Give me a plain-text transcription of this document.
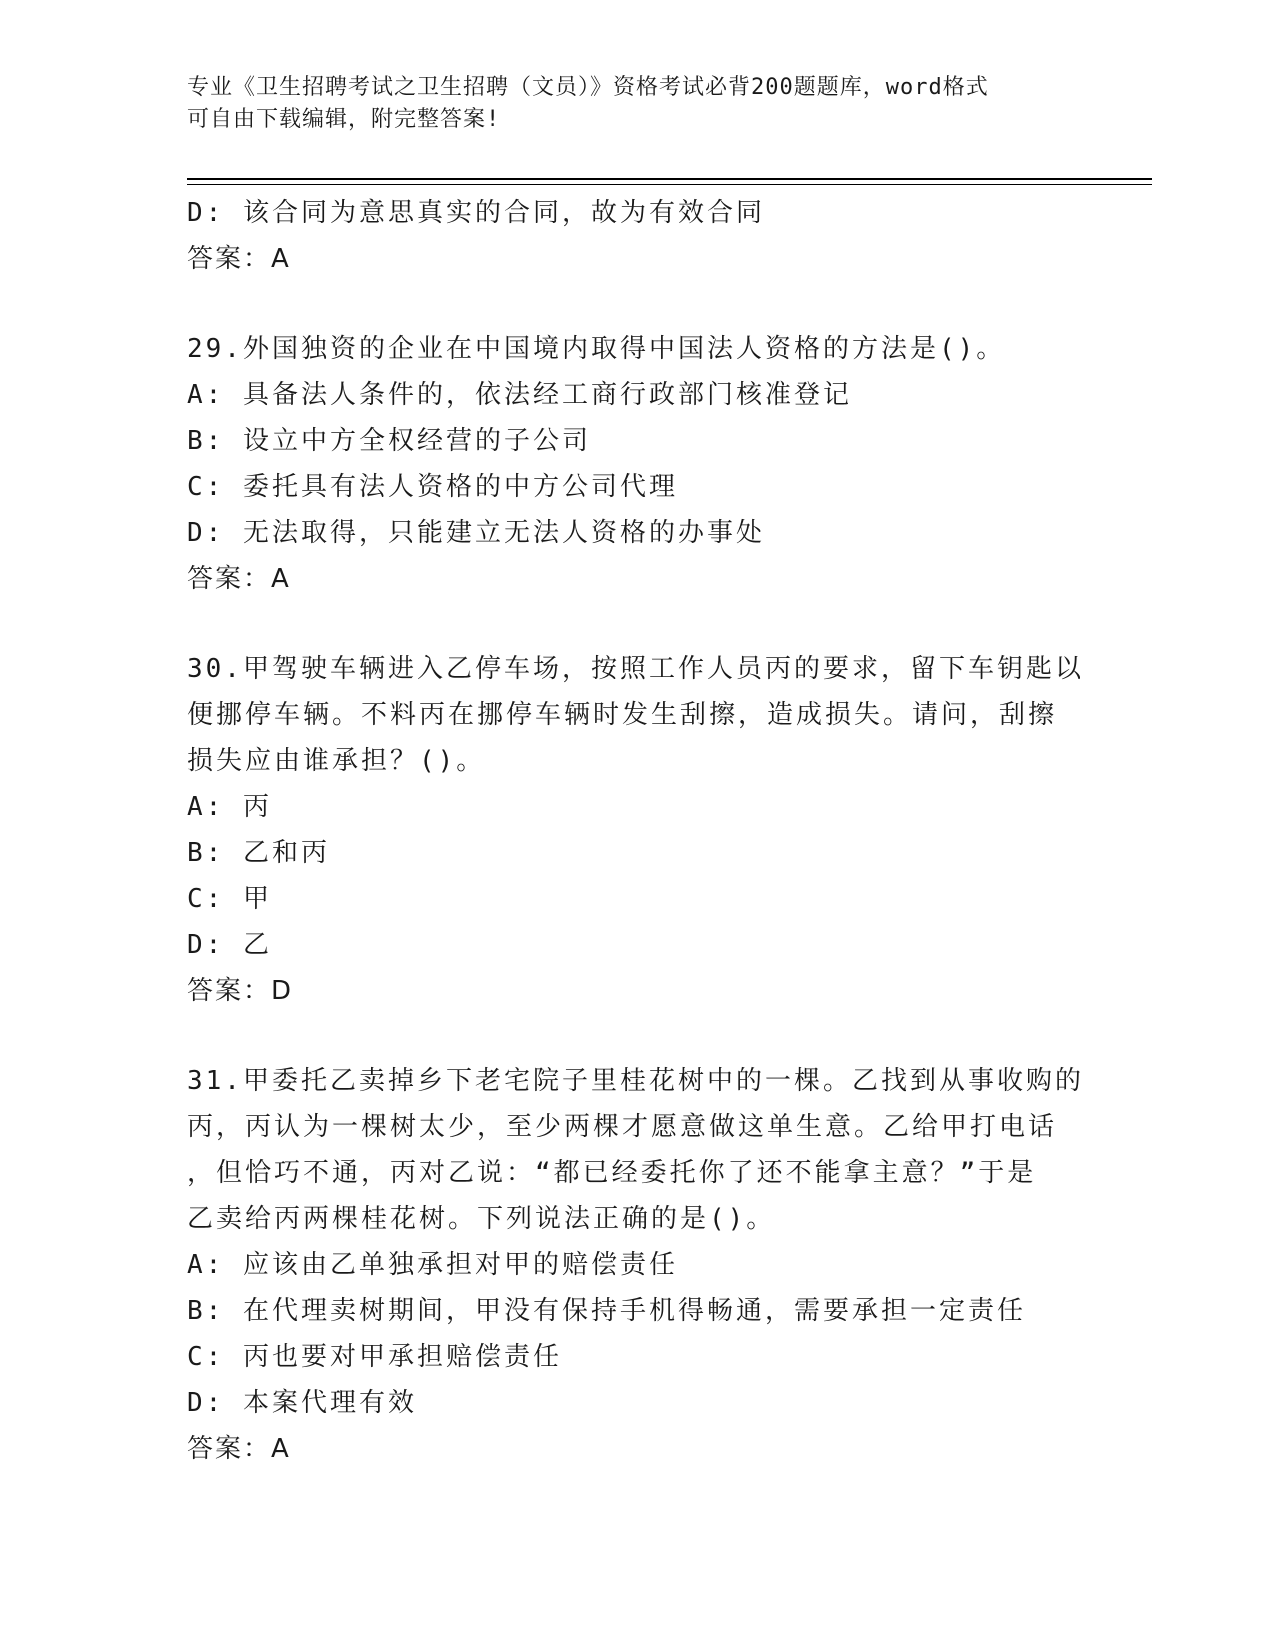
专业《卫生招聘考试之卫生招聘（文员）》资格考试必背200题题库，word格式
可自由下载编辑，附完整答案!

D: 该合同为意思真实的合同，故为有效合同

答案：A

29.外国独资的企业在中国境内取得中国法人资格的方法是()。

A: 具备法人条件的，依法经工商行政部门核准登记

B: 设立中方全权经营的子公司

C: 委托具有法人资格的中方公司代理

D: 无法取得，只能建立无法人资格的办事处

答案：A

30.甲驾驶车辆进入乙停车场，按照工作人员丙的要求，留下车钥匙以

便挪停车辆。不料丙在挪停车辆时发生刮擦，造成损失。请问，刮擦

损失应由谁承担？()。

A: 丙

B: 乙和丙

C: 甲

D: 乙

答案：D

31.甲委托乙卖掉乡下老宅院子里桂花树中的一棵。乙找到从事收购的

丙，丙认为一棵树太少，至少两棵才愿意做这单生意。乙给甲打电话

，但恰巧不通，丙对乙说：“都已经委托你了还不能拿主意？”于是

乙卖给丙两棵桂花树。下列说法正确的是()。

A: 应该由乙单独承担对甲的赔偿责任

B: 在代理卖树期间，甲没有保持手机得畅通，需要承担一定责任

C: 丙也要对甲承担赔偿责任

D: 本案代理有效

答案：A
